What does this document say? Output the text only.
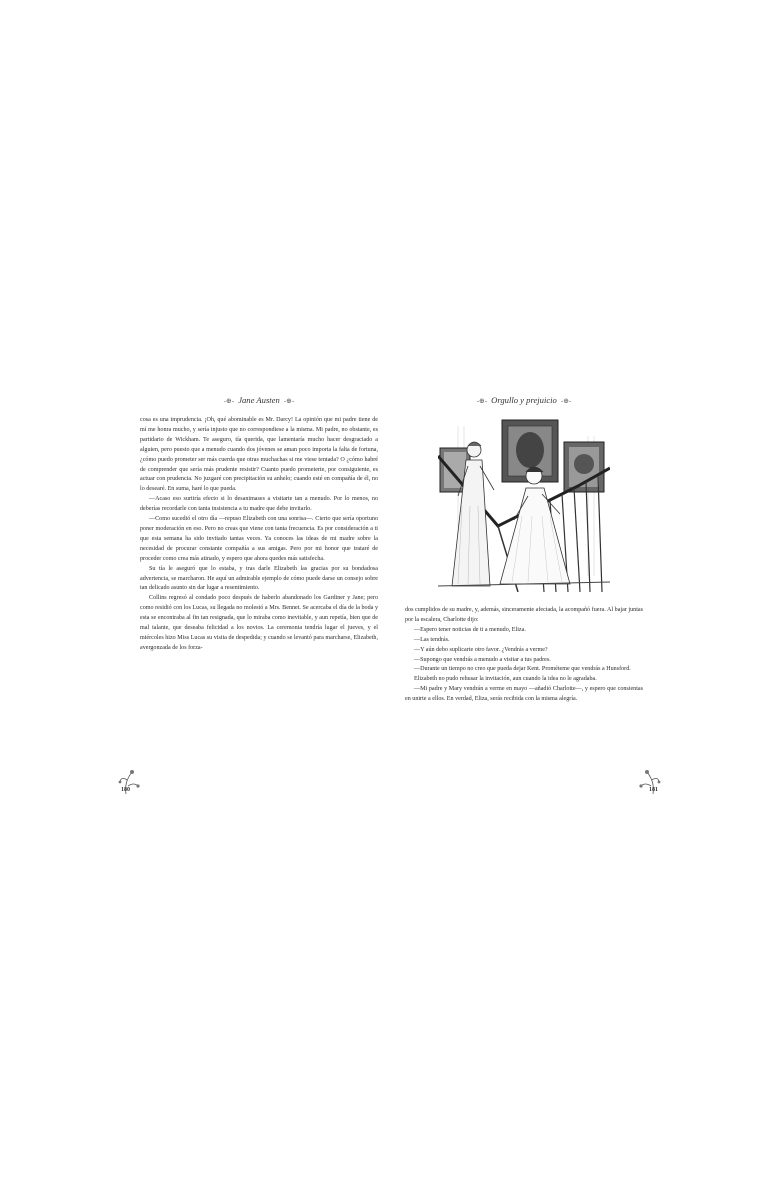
-⊕- Jane Austen -⊕-

cosa es una imprudencia. ¡Oh, qué abominable es Mr. Darcy! La opinión que mi padre tiene de mí me honra mucho, y sería injusto que no correspondiese a la misma. Mi padre, no obstante, es partidario de Wickham. Te aseguro, tía querida, que lamentaría mucho hacer desgraciado a alguien, pero puesto que a menudo cuando dos jóvenes se aman poco importa la falta de fortuna, ¿cómo puedo prometer ser más cuerda que otras muchachas si me viese tentada? O ¿cómo habré de comprender que sería más prudente resistir? Cuanto puedo prometerte, por consiguiente, es actuar con prudencia. No juzgaré con precipitación su anhelo; cuando esté en compañía de él, no lo desearé. En suma, haré lo que pueda.

—Acaso eso surtiría efecto si lo desanimases a visitarte tan a menudo. Por lo menos, no deberías recordarle con tanta insistencia a tu madre que debe invitarlo.

—Como sucedió el otro día —repuso Elizabeth con una sonrisa—. Cierto que sería oportuno poner moderación en eso. Pero no creas que viene con tanta frecuencia. Es por consideración a ti que esta semana ha sido invitado tantas veces. Ya conoces las ideas de mi madre sobre la necesidad de procurar constante compañía a sus amigas. Pero por mi honor que trataré de proceder como crea más atinado, y espero que ahora quedes más satisfecha.

Su tía le aseguró que lo estaba, y tras darle Elizabeth las gracias por su bondadosa advertencia, se marcharon. He aquí un admirable ejemplo de cómo puede darse un consejo sobre tan delicado asunto sin dar lugar a resentimiento.

Collins regresó al condado poco después de haberlo abandonado los Gardiner y Jane; pero como residió con los Lucas, su llegada no molestó a Mrs. Bennet. Se acercaba el día de la boda y esta se encontraba al fin tan resignada, que lo miraba como inevitable, y aun repetía, bien que de mal talante, que deseaba felicidad a los novios. La ceremonia tendría lugar el jueves, y el miércoles hizo Miss Lucas su visita de despedida; y cuando se levantó para marcharse, Elizabeth, avergonzada de los forza-

-⊕- Orgullo y prejuicio -⊕-

dos cumplidos de su madre, y, además, sinceramente afectada, la acompañó fuera. Al bajar juntas por la escalera, Charlotte dijo:

—Espero tener noticias de ti a menudo, Eliza.

—Las tendrás.

—Y aún debo suplicarte otro favor. ¿Vendrás a verme?

—Supongo que vendrás a menudo a visitar a tus padres.

—Durante un tiempo no creo que pueda dejar Kent. Prométeme que vendrás a Hunsford.

Elizabeth no pudo rehusar la invitación, aun cuando la idea no le agradaba.

—Mi padre y Mary vendrán a verme en mayo —añadió Charlotte—, y espero que consientas en unirte a ellos. En verdad, Eliza, serás recibida con la misma alegría.

180	181
